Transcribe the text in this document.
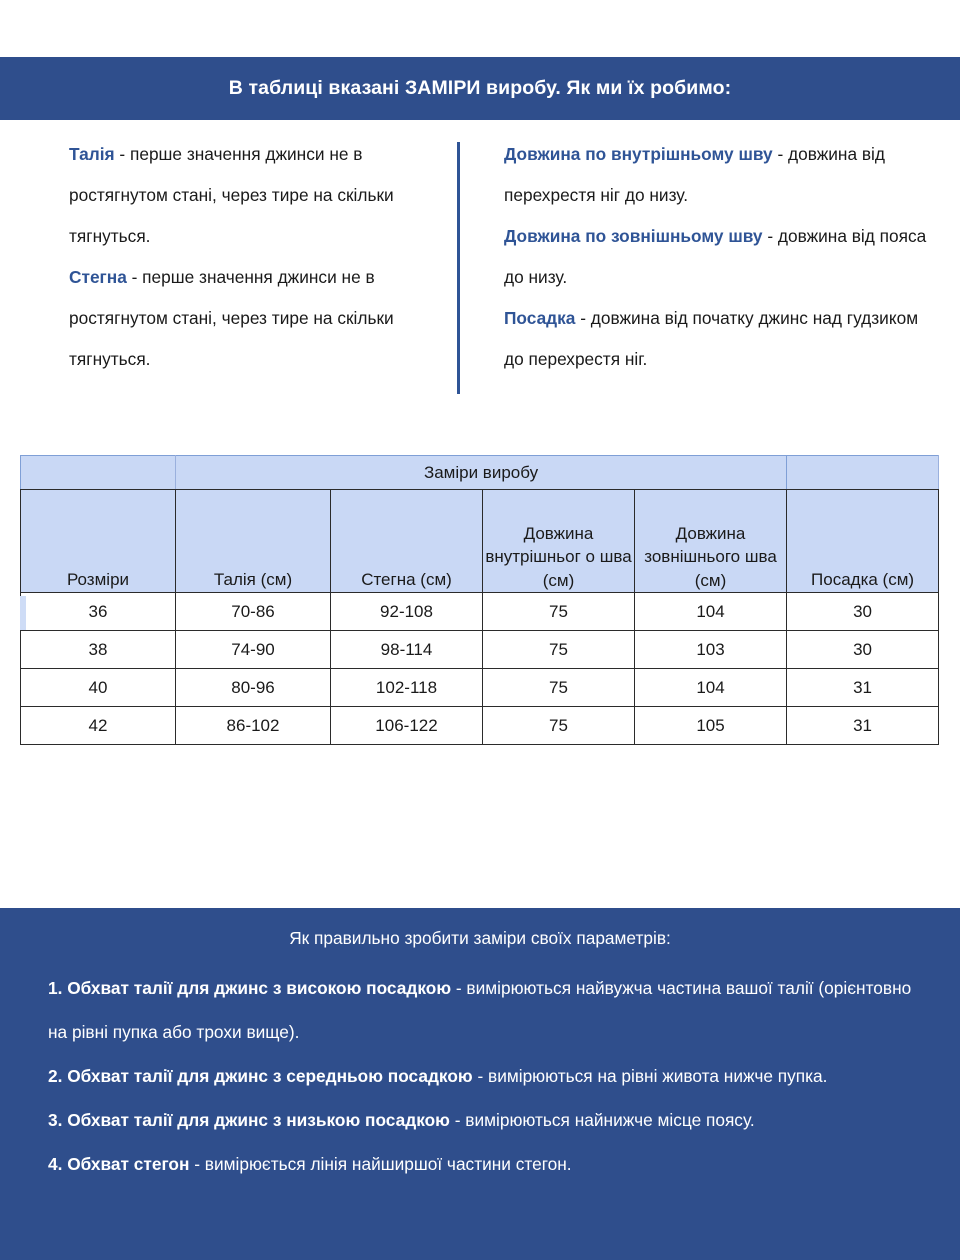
В таблиці вказані ЗАМІРИ виробу. Як ми їх робимо:

Талія - перше значення джинси не в ростягнутом стані, через тире на скільки тягнуться.

Стегна - перше значення джинси не в ростягнутом стані, через тире на скільки тягнуться.

Довжина по внутрішньому шву - довжина від перехрестя ніг до низу.

Довжина по зовнішньому шву - довжина від пояса до низу.

Посадка - довжина від початку джинс над гудзиком до перехрестя ніг.

	Заміри виробу				
Розміри	Талія (см)	Стегна (см)	Довжина внутрішньог о шва (см)	Довжина зовнішнього шва (см)	Посадка (см)
36	70-86	92-108	75	104	30
38	74-90	98-114	75	103	30
40	80-96	102-118	75	104	31
42	86-102	106-122	75	105	31
Як правильно зробити заміри своїх параметрів:

1. Обхват талії для джинс з високою посадкою - вимірюються найвужча частина вашої талії (орієнтовно на рівні пупка або трохи вище).

2. Обхват талії для джинс з середньою посадкою - вимірюються на рівні живота нижче пупка.

3. Обхват талії для джинс з низькою посадкою - вимірюються найнижче місце поясу.

4. Обхват стегон - вимірюється лінія найширшої частини стегон.
